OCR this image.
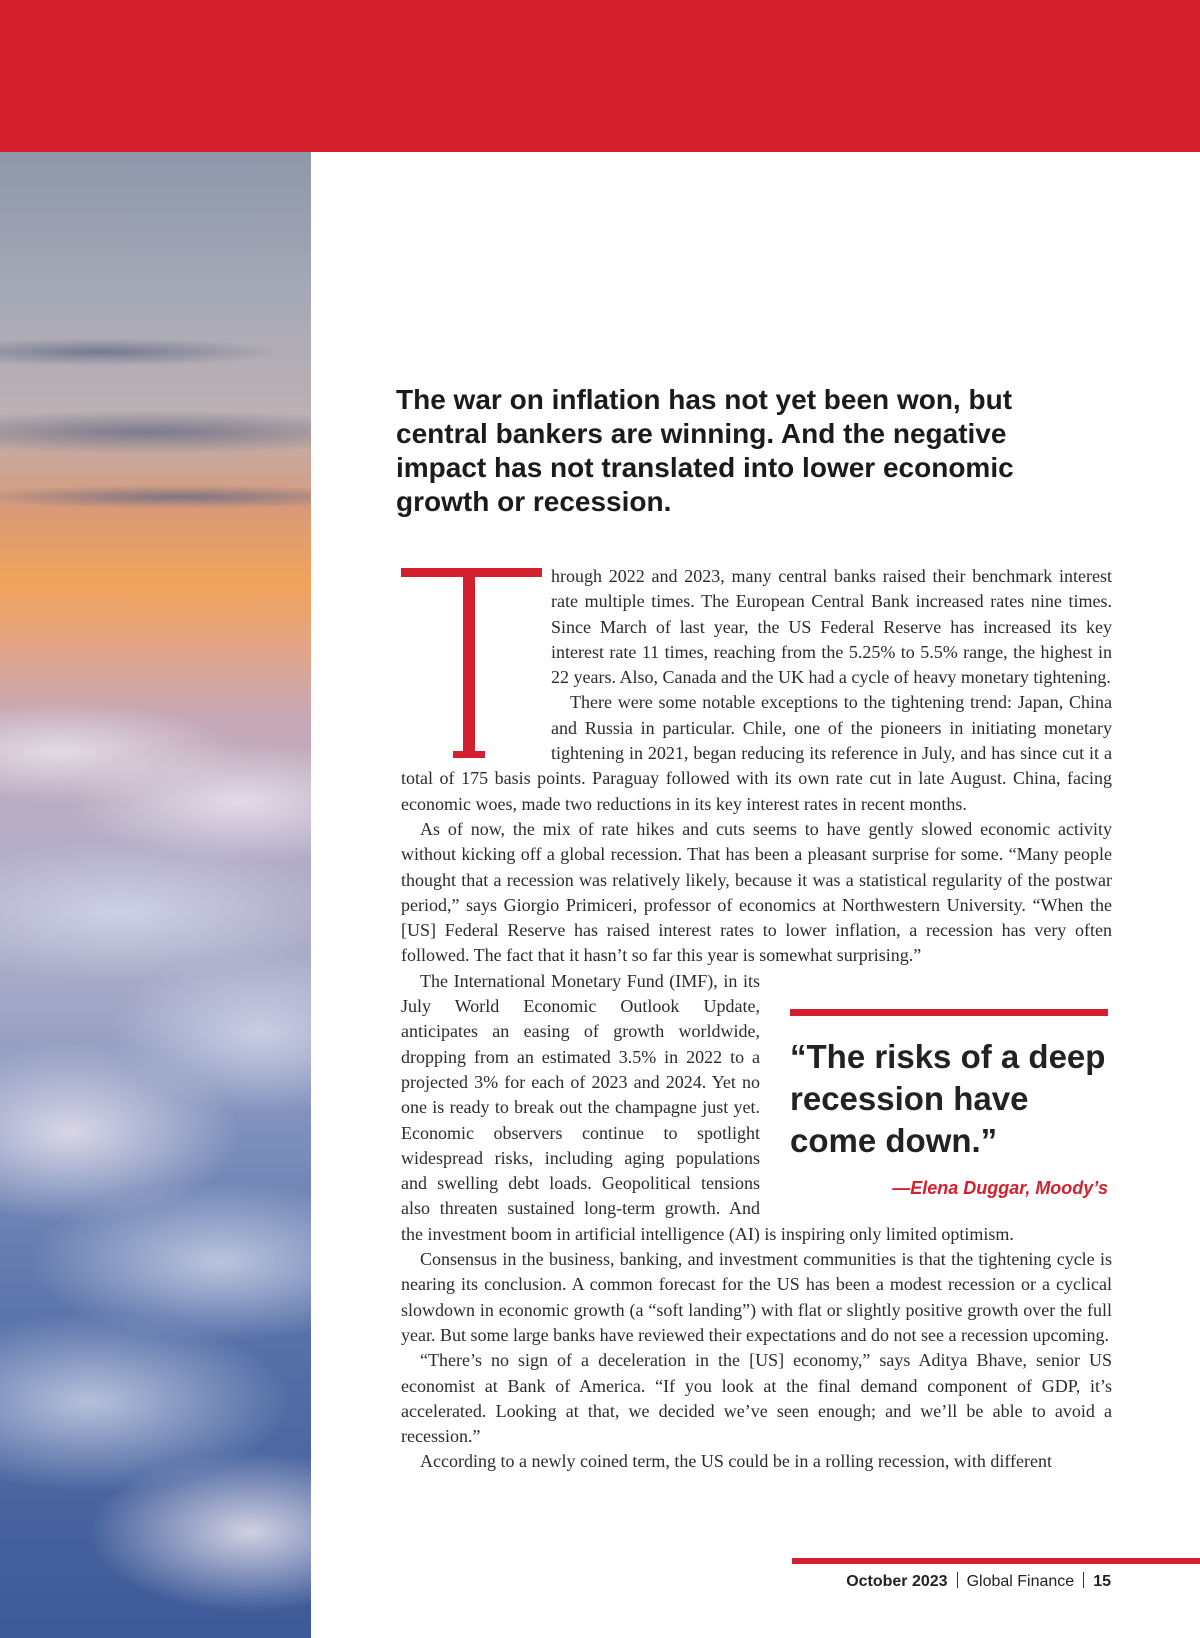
The war on inflation has not yet been won, but central bankers are winning. And the negative impact has not translated into lower economic growth or recession.

hrough 2022 and 2023, many central banks raised their benchmark interest rate multiple times. The European Central Bank increased rates nine times. Since March of last year, the US Federal Reserve has increased its key interest rate 11 times, reaching from the 5.25% to 5.5% range, the highest in 22 years. Also, Canada and the UK had a cycle of heavy monetary tightening.

There were some notable exceptions to the tightening trend: Japan, China and Russia in particular. Chile, one of the pioneers in initiating monetary tightening in 2021, began reducing its reference in July, and has since cut it a total of 175 basis points. Paraguay followed with its own rate cut in late August. China, facing economic woes, made two reductions in its key interest rates in recent months.

As of now, the mix of rate hikes and cuts seems to have gently slowed economic activity without kicking off a global recession. That has been a pleasant surprise for some. “Many people thought that a recession was relatively likely, because it was a statistical regularity of the postwar period,” says Giorgio Primiceri, professor of economics at Northwestern University. “When the [US] Federal Reserve has raised interest rates to lower inflation, a recession has very often followed. The fact that it hasn’t so far this year is somewhat surprising.”

“The risks of a deep recession have come down.”
—Elena Duggar, Moody’s

The International Monetary Fund (IMF), in its July World Economic Outlook Update, anticipates an easing of growth worldwide, dropping from an estimated 3.5% in 2022 to a projected 3% for each of 2023 and 2024. Yet no one is ready to break out the champagne just yet. Economic observers continue to spotlight widespread risks, including aging populations and swelling debt loads. Geopolitical tensions also threaten sustained long-term growth. And the investment boom in artificial intelligence (AI) is inspiring only limited optimism.

Consensus in the business, banking, and investment communities is that the tightening cycle is nearing its conclusion. A common forecast for the US has been a modest recession or a cyclical slowdown in economic growth (a “soft landing”) with flat or slightly positive growth over the full year. But some large banks have reviewed their expectations and do not see a recession upcoming.

“There’s no sign of a deceleration in the [US] economy,” says Aditya Bhave, senior US economist at Bank of America. “If you look at the final demand component of GDP, it’s accelerated. Looking at that, we decided we’ve seen enough; and we’ll be able to avoid a recession.”

According to a newly coined term, the US could be in a rolling recession, with different

October 2023 Global Finance 15
